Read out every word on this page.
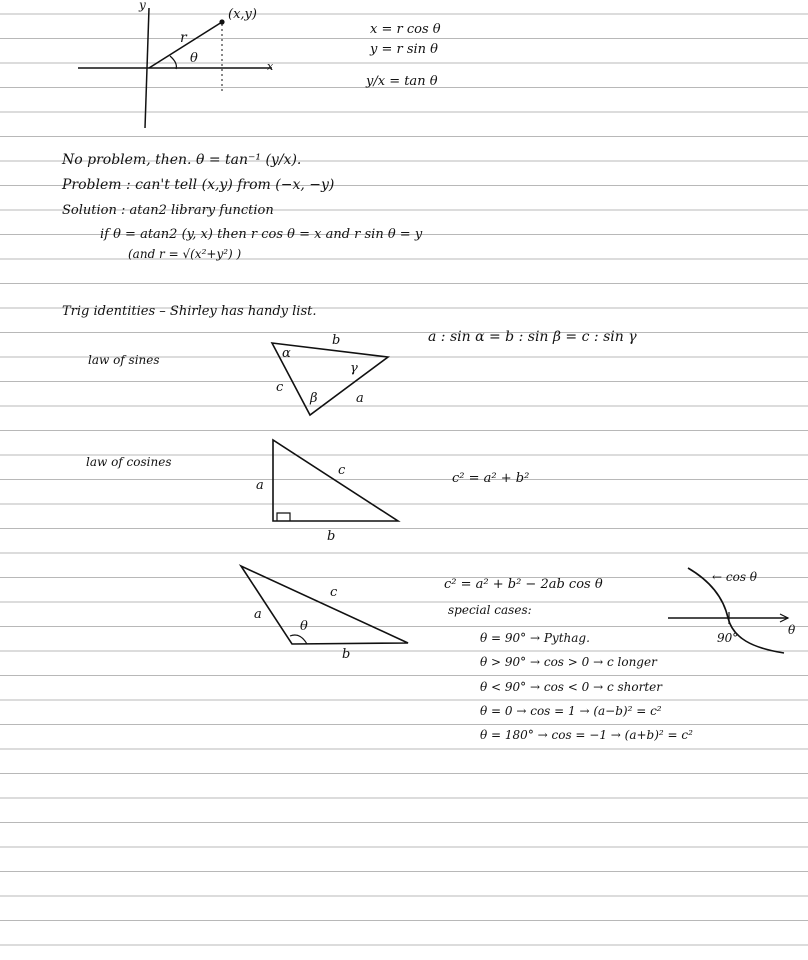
y
x
(x,y)
r
θ
x = r cos θ
y = r sin θ
y/x = tan θ
No problem, then. θ = tan⁻¹ (y/x).
Problem : can't tell (x,y) from (−x, −y)
Solution : atan2 library function
if θ = atan2 (y, x) then r cos θ = x and r sin θ = y
(and r = √(x²+y²) )
Trig identities – Shirley has handy list.
law of sines
a : sin α = b : sin β = c : sin γ
b
c
a
α
β
γ
law of cosines
c² = a² + b²
a
c
b
c² = a² + b² − 2ab cos θ
special cases:
θ = 90° → Pythag.
θ > 90° → cos > 0 → c longer
θ < 90° → cos < 0 → c shorter
θ = 0 → cos = 1 → (a−b)² = c²
θ = 180° → cos = −1 → (a+b)² = c²
a
c
b
θ
← cos θ
90°
θ
